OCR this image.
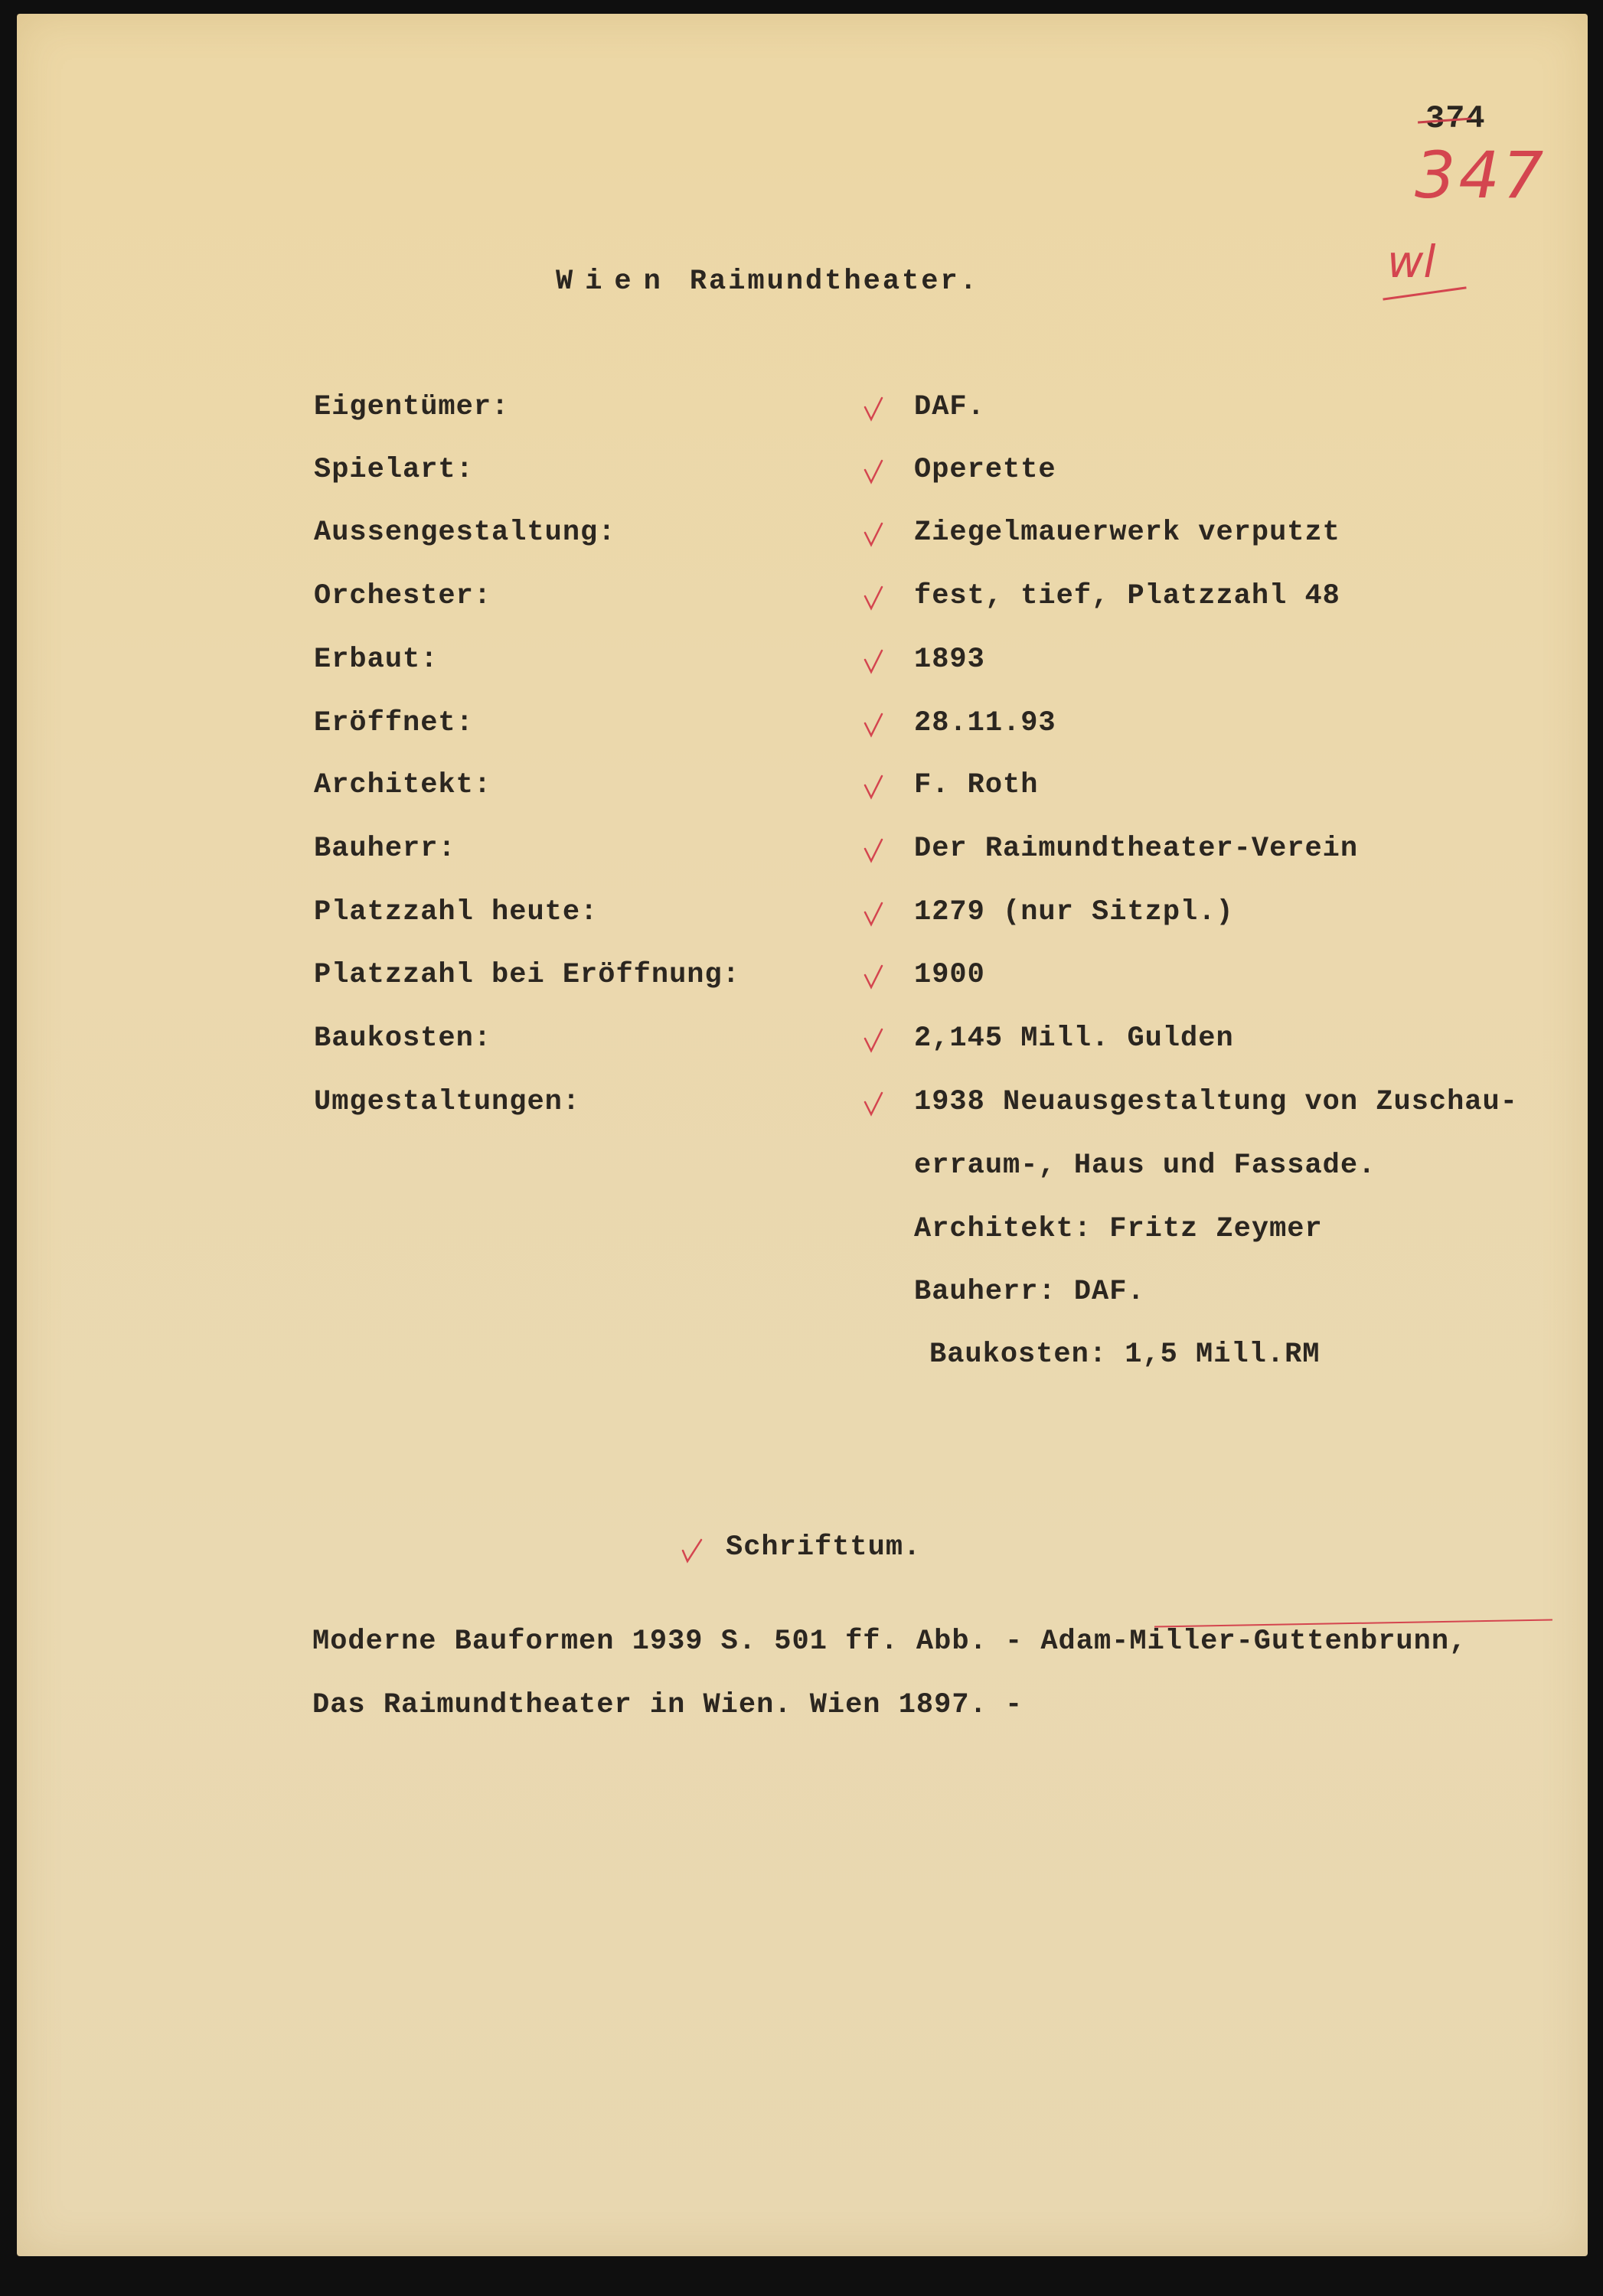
374
347
wl
Wien Raimundtheater.
Eigentümer:	DAF.
Spielart:	Operette
Aussengestaltung:	Ziegelmauerwerk verputzt
Orchester:	fest, tief, Platzzahl 48
Erbaut:	1893
Eröffnet:	28.11.93
Architekt:	F. Roth
Bauherr:	Der Raimundtheater-Verein
Platzzahl heute:	1279 (nur Sitzpl.)
Platzzahl bei Eröffnung:	1900
Baukosten:	2,145 Mill. Gulden
Umgestaltungen:	1938 Neuausgestaltung von Zuschau-
erraum-, Haus und Fassade.
Architekt: Fritz Zeymer
Bauherr: DAF.
Baukosten: 1,5 Mill.RM
Schrifttum.
Moderne Bauformen 1939 S. 501 ff. Abb. - Adam-Miller-Guttenbrunn,
Das Raimundtheater in Wien. Wien 1897. -
